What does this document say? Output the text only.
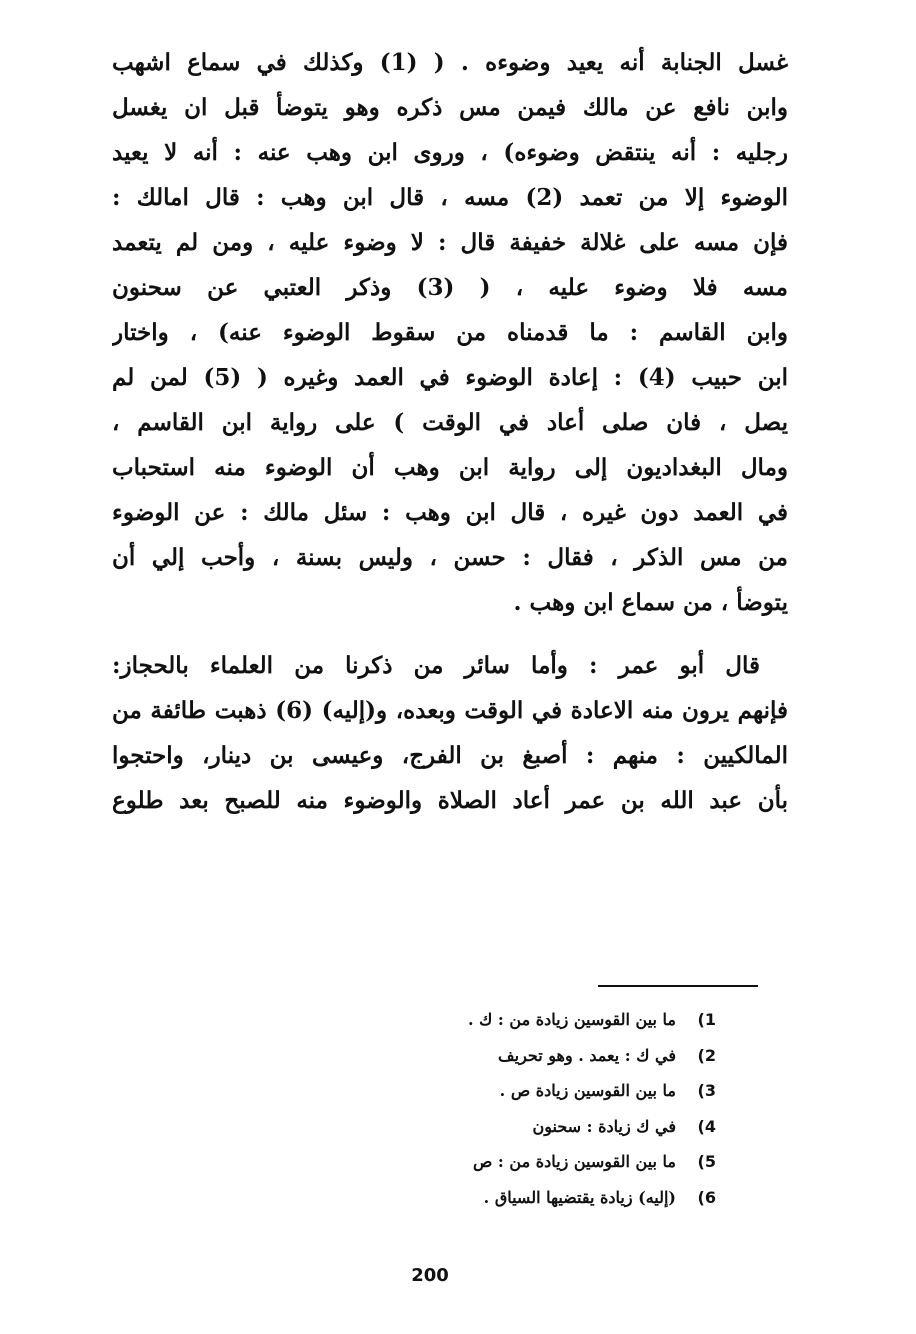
غسل الجنابة أنه يعيد وضوءه . ( (1) وكذلك في سماع اشهب
وابن نافع عن مالك فيمن مس ذكره وهو يتوضأ قبل ان يغسل
رجليه : أنه ينتقض وضوءه) ، وروى ابن وهب عنه : أنه لا يعيد
الوضوء إلا من تعمد (2) مسه ، قال ابن وهب : قال امالك :
فإن مسه على غلالة خفيفة قال : لا وضوء عليه ، ومن لم يتعمد
مسه فلا وضوء عليه ، ( (3) وذكر العتبي عن سحنون
وابن القاسم : ما قدمناه من سقوط الوضوء عنه) ، واختار
ابن حبيب (4) : إعادة الوضوء في العمد وغيره ( (5) لمن لم
يصل ، فان صلى أعاد في الوقت ) على رواية ابن القاسم ،
ومال البغداديون إلى رواية ابن وهب أن الوضوء منه استحباب
في العمد دون غيره ، قال ابن وهب : سئل مالك : عن الوضوء
من مس الذكر ، فقال : حسن ، وليس بسنة ، وأحب إلي أن
يتوضأ ، من سماع ابن وهب .
قال أبو عمر : وأما سائر من ذكرنا من العلماء بالحجاز:
فإنهم يرون منه الاعادة في الوقت وبعده، و(إليه) (6) ذهبت طائفة من
المالكيين : منهم : أصبغ بن الفرج، وعيسى بن دينار، واحتجوا
بأن عبد الله بن عمر أعاد الصلاة والوضوء منه للصبح بعد طلوع
1)
ما بين القوسين زيادة من : ك .
2)
في ك : يعمد . وهو تحريف
3)
ما بين القوسين زيادة ص .
4)
في ك زيادة : سحنون
5)
ما بين القوسين زيادة من : ص
6)
(إليه) زيادة يقتضيها السياق .
200
